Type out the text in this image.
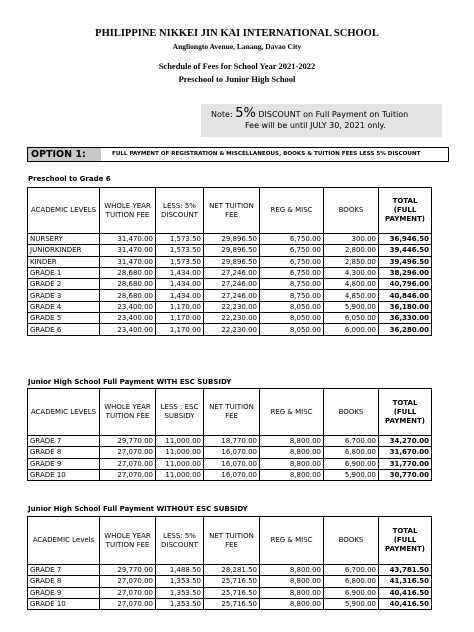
PHILIPPINE NIKKEI JIN KAI INTERNATIONAL SCHOOL
Angliongto Avenue, Lanang, Davao City
Schedule of Fees for School Year 2021-2022
Preschool to Junior High School
Note: 5% DISCOUNT on Full Payment on Tuition
Fee will be until JULY 30, 2021 only.
OPTION 1:	FULL PAYMENT OF REGISTRATION & MISCELLANEOUS, BOOKS & TUITION FEES LESS 5% DISCOUNT
Preschool to Grade 6
ACADEMIC LEVELS	WHOLE YEAR TUITION FEE	LESS: 5% DISCOUNT	NET TUITION FEE	REG & MISC	BOOKS	TOTAL (FULL PAYMENT)
NURSERY	31,470.00	1,573.50	29,896.50	6,750.00	300.00	36,946.50
JUNIORKINDER	31,470.00	1,573.50	29,896.50	6,750.00	2,800.00	39,446.50
KINDER	31,470.00	1,573.50	29,896.50	6,750.00	2,850.00	39,496.50
GRADE 1	28,680.00	1,434.00	27,246.00	6,750.00	4,300.00	38,296.00
GRADE 2	28,680.00	1,434.00	27,246.00	8,750.00	4,800.00	40,796.00
GRADE 3	28,680.00	1,434.00	27,246.00	8,750.00	4,850.00	40,846.00
GRADE 4	23,400.00	1,170.00	22,230.00	8,050.00	5,900.00	36,180.00
GRADE 5	23,400.00	1,170.00	22,230.00	8,050.00	6,050.00	36,330.00
GRADE 6	23,400.00	1,170.00	22,230.00	8,050.00	6,000.00	36,280.00
Junior High School Full Payment WITH ESC SUBSIDY
ACADEMIC LEVELS	WHOLE YEAR TUITION FEE	LESS : ESC SUBSIDY	NET TUITION FEE	REG & MISC	BOOKS	TOTAL (FULL PAYMENT)
GRADE 7	29,770.00	11,000.00	18,770.00	8,800.00	6,700.00	34,270.00
GRADE 8	27,070.00	11,000.00	16,070.00	8,800.00	6,800.00	31,670.00
GRADE 9	27,070.00	11,000.00	16,070.00	8,800.00	6,900.00	31,770.00
GRADE 10	27,070.00	11,000.00	16,070.00	8,800.00	5,900.00	30,770.00
Junior High School Full Payment WITHOUT ESC SUBSIDY
ACADEMIC Levels	WHOLE YEAR TUITION FEE	LESS: 5% DISCOUNT	NET TUITION FEE	REG & MISC	BOOKS	TOTAL (FULL PAYMENT)
GRADE 7	29,770.00	1,488.50	28,281.50	8,800.00	6,700.00	43,781.50
GRADE 8	27,070.00	1,353.50	25,716.50	8,800.00	6,800.00	41,316.50
GRADE 9	27,070.00	1,353.50	25,716.50	8,800.00	6,900.00	40,416.50
GRADE 10	27,070.00	1,353.50	25,716.50	8,800.00	5,900.00	40,416.50
